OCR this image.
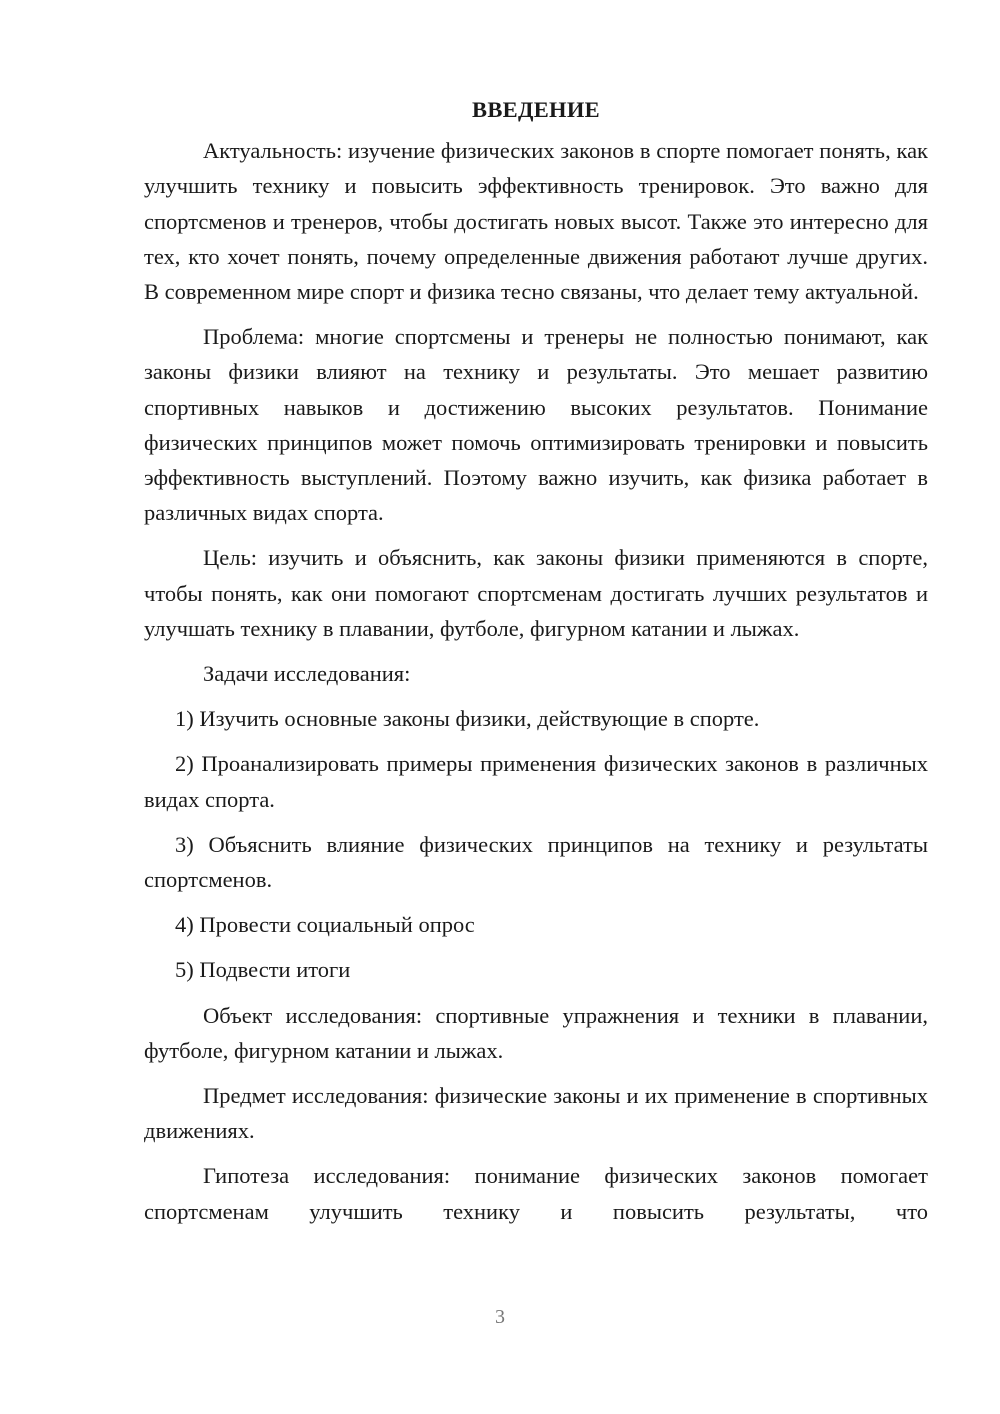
ВВЕДЕНИЕ

Актуальность: изучение физических законов в спорте помогает понять, как улучшить технику и повысить эффективность тренировок. Это важно для спортсменов и тренеров, чтобы достигать новых высот. Также это интересно для тех, кто хочет понять, почему определенные движения работают лучше других. В современном мире спорт и физика тесно связаны, что делает тему актуальной.

Проблема: многие спортсмены и тренеры не полностью понимают, как законы физики влияют на технику и результаты. Это мешает развитию спортивных навыков и достижению высоких результатов. Понимание физических принципов может помочь оптимизировать тренировки и повысить эффективность выступлений. Поэтому важно изучить, как физика работает в различных видах спорта.

Цель: изучить и объяснить, как законы физики применяются в спорте, чтобы понять, как они помогают спортсменам достигать лучших результатов и улучшать технику в плавании, футболе, фигурном катании и лыжах.

Задачи исследования:

1) Изучить основные законы физики, действующие в спорте.

2) Проанализировать примеры применения физических законов в различных видах спорта.

3) Объяснить влияние физических принципов на технику и результаты спортсменов.

4) Провести социальный опрос

5) Подвести итоги

Объект исследования: спортивные упражнения и техники в плавании, футболе, фигурном катании и лыжах.

Предмет исследования: физические законы и их применение в спортивных движениях.

Гипотеза исследования: понимание физических законов помогает спортсменам улучшить технику и повысить результаты, что

3
